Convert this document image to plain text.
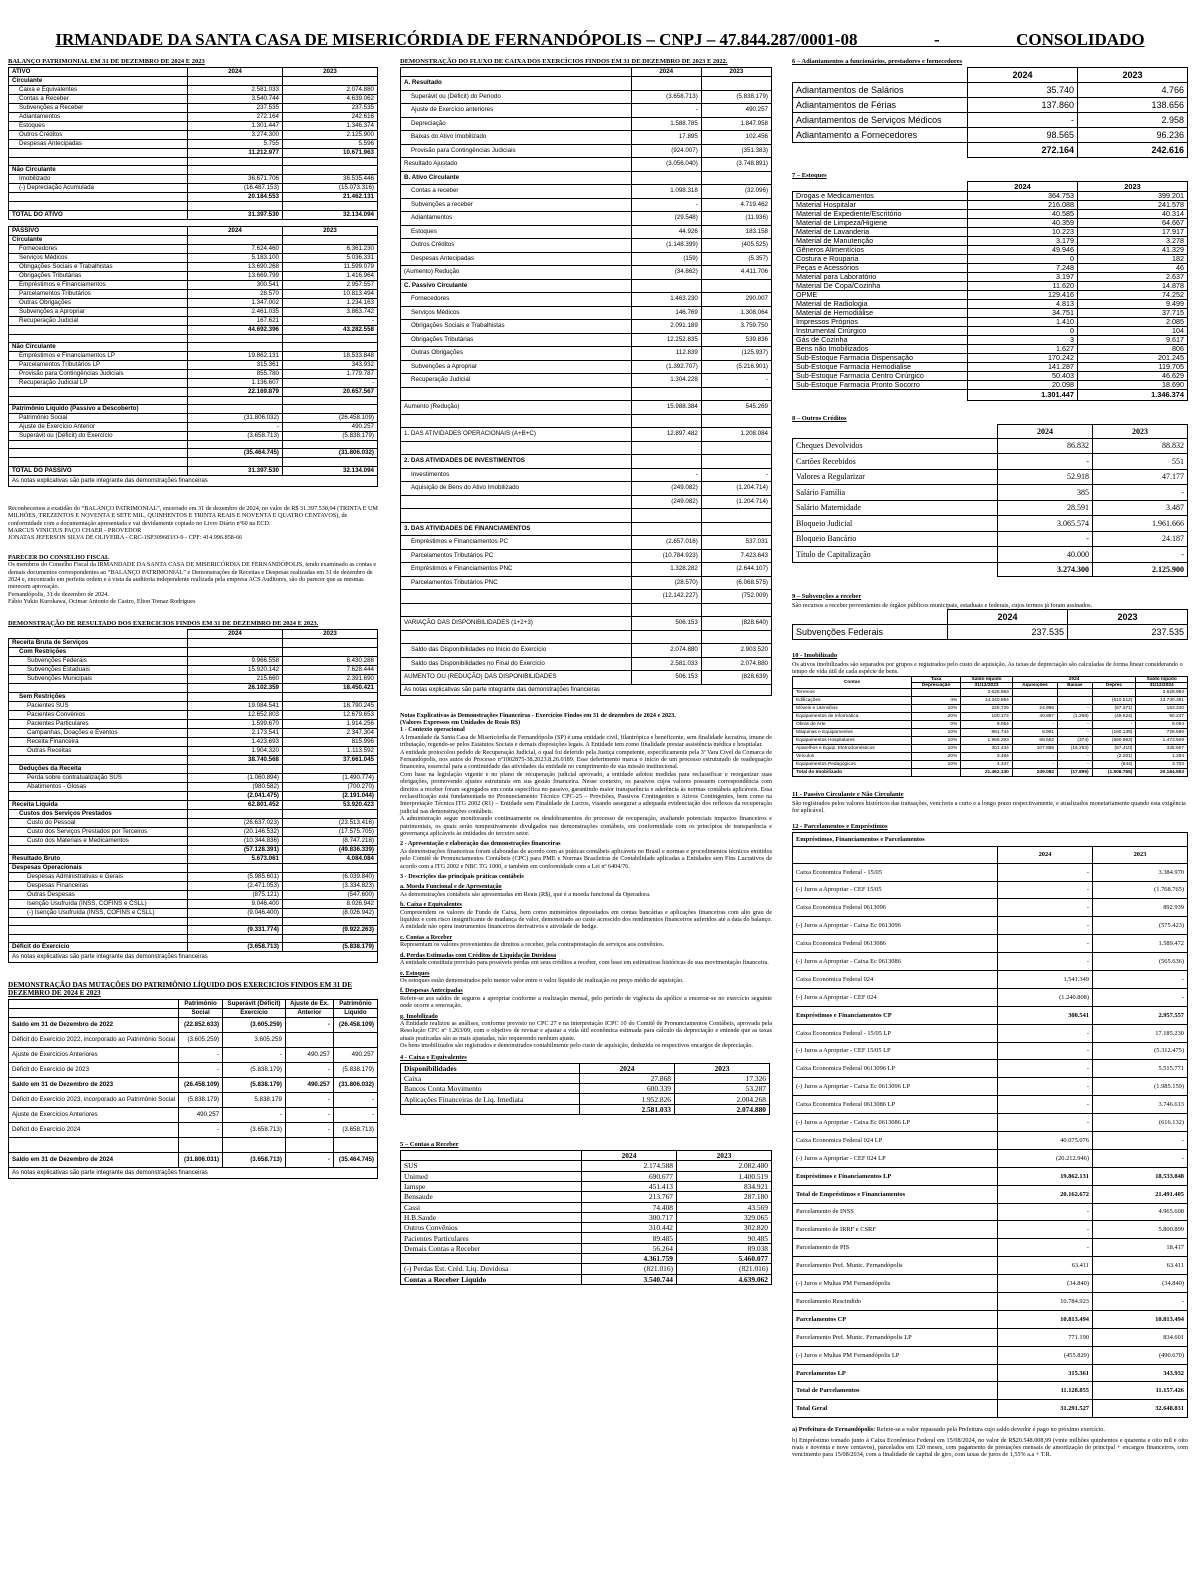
IRMANDADE DA SANTA CASA DE MISERICÓRDIA DE FERNANDÓPOLIS – CNPJ – 47.844.287/0001-08	-	CONSOLIDADO
BALANÇO PATRIMONIAL EM 31 DE DEZEMBRO DE 2024 E 2023
ATIVO	2024	2023
Circulante		
Caixa e Equivalentes	2.581.033	2.074.880
Contas a Receber	3.540.744	4.639.062
Subvenções a Receber	237.535	237.535
Adiantamentos	272.164	242.616
Estoques	1.301.447	1.346.374
Outros Créditos	3.274.300	2.125.900
Despesas Antecipadas	5.755	5.596
	11.212.977	10.671.963

Não Circulante		
Imobilizado	36.671.706	36.535.446
(-) Depreciação Acumulada	(16.487.153)	(15.073.316)
	20.184.553	21.462.131

TOTAL DO ATIVO	31.397.530	32.134.094
PASSIVO	2024	2023
Circulante		
Fornecedores	7.624.460	6.361.230
Serviços Médicos	5.183.100	5.036.331
Obrigações Sociais e Trabalhistas	13.690.268	11.599.079
Obrigações Tributárias	13.669.799	1.416.964
Empréstimos e Financiamentos	300.541	2.957.557
Parcelamentos Tributários	28.570	10.813.494
Outras Obrigações	1.347.002	1.234.163
Subvenções a Apropriar	2.461.035	3.863.742
Recuperação Judicial	167.621	-
	44.692.396	43.282.558

Não Circulante		
Empréstimos e Financiamentos LP	19.862.131	18.533.848
Parcelamentos Tributários LP	315.361	343.932
Provisão para Contingências Judiciais	855.780	1.779.787
Recuperação Judicial LP	1.136.607	-
	22.169.879	20.657.567

Patrimônio Líquido (Passivo a Descoberto)		
Patrimônio Social	(31.806.032)	(26.458.109)
Ajuste de Exercício Anterior	-	490.257
Superávit ou (Déficit) do Exercício	(3.658.713)	(5.838.179)

	(35.464.745)	(31.806.032)

TOTAL DO PASSIVO	31.397.530	32.134.094
As notas explicativas são parte integrante das demonstrações financeiras

Reconhecemos a exatidão do “BALANÇO PATRIMONIAL”, encerrado em 31 de dezembro de 2024, no valor de R$ 31.397.530,94 (TRINTA E UM MILHÕES, TREZENTOS E NOVENTA E SETE MIL, QUINHENTOS E TRINTA REAIS E NOVENTA E QUATRO CENTAVOS), de conformidade com a documentação apresentada e vai devidamente copiado no Livro Diário nº60 na ECD.

MARCUS VINICIUS PAÇO CHAER - PROVEDOR
JONATAS JEFERSON SILVA DE OLIVEIRA - CRC-1SP309683/O-9 - CPF: 414.996.858-66
PARECER DO CONSELHO FISCAL
Os membros do Conselho Fiscal da IRMANDADE DA SANTA CASA DE MISERICÓRDIA DE FERNANDÓPOLIS, tendo examinado as contas e demais documentos correspondentes ao “BALANÇO PATRIMONIAL” e Demonstrações de Receitas e Despesas realizadas em 31 de dezembro de 2024 e, encontrado em perfeita ordem e à vista da auditoria independente realizada pela empresa ACS Auditores, são do parecer que as mesmas merecem aprovação.
Fernandópolis, 31 de dezembro de 2024.
Fábio Yukio Kurokawa, Ocimar Antonio de Castro, Elton Tomaz Rodrigues
DEMONSTRAÇÃO DE RESULTADO DOS EXERCICIOS FINDOS EM 31 DE DEZEMBRO DE 2024 E 2023.
	2024	2023
Receita Bruta de Serviços		
Com Restrições		
Subvenções Federais	9.966.558	8.430.288
Subvenções Estaduais	15.920.142	7.628.444
Subvenções Municipais	215.660	2.391.690
	26.102.359	18.450.421
Sem Restrições		
Pacientes SUS	19.084.541	18.790.245
Pacientes Convênios	12.652.803	12.679.653
Pacientes Particulares	1.599.670	1.914.256
Campanhas, Doações e Eventos	2.173.541	2.347.304
Receita Financeira	1.423.693	815.996
Outras Receitas	1.904.320	1.113.592
	38.740.568	37.661.045
Deduções da Receita		
Perda sobre contratualização SUS	(1.060.894)	(1.490.774)
Abatimentos - Glosas	(980.582)	(700.270)
	(2.041.475)	(2.191.044)
Receita Líquida	62.801.452	53.920.423
Custos dos Serviços Prestados		
Custo do Pessoal	(26.637.023)	(23.513.416)
Custo dos Serviços Prestados por Terceiros	(20.146.532)	(17.575.705)
Custo dos Materiais e Medicamentos	(10.344.836)	(8.747.218)
	(57.128.391)	(49.836.339)
Resultado Bruto	5.673.061	4.084.084
Despesas Operacionais		
Despesas Administrativas e Gerais	(5.985.601)	(6.039.840)
Despesas Financeiras	(2.471.053)	(3.334.823)
Outras Despesas	(875.121)	(547.600)
Isenção Usufruída (INSS, COFINS e CSLL)	9.046.400	8.026.942
(-) Isenção Usufruída (INSS, COFINS e CSLL)	(9.046.400)	(8.026.942)

	(9.331.774)	(9.922.263)

Déficit do Exercício	(3.658.713)	(5.838.179)
As notas explicativas são parte integrante das demonstrações financeiras
DEMONSTRAÇÃO DAS MUTAÇÕES DO PATRIMÔNIO LÍQUIDO DOS EXERCICIOS FINDOS EM 31 DE DEZEMBRO DE 2024 E 2023
	Patrimônio	Superávit (Déficit)	Ajuste de Ex.	Patrimônio
	Social	Exercício	Anterior	Líquido
Saldo em 31 de Dezembro de 2022	(22.852.633)	(3.605.259)	-	(26.458.109)
Déficit do Exercício 2022, incorporado ao Patrimônio Social	(3.605.259)	3.605.259		
Ajuste de Exercícios Anteriores	-	-	490.257	490.257
Déficit do Exercício de 2023	-	(5.838.179)	-	(5.838.179)
Saldo em 31 de Dezembro de 2023	(26.458.109)	(5.838.179)	490.257	(31.806.032)
Déficit do Exercício 2023, incorporado ao Patrimônio Social	(5.838.179)	5.838.179	-	-
Ajuste de Exercícios Anteriores	490.257	-	-	-
Déficit do Exercício 2024	-	(3.658.713)	-	(3.658.713)

Saldo em 31 de Dezembro de 2024	(31.806.031)	(3.658.713)	-	(35.464.745)
As notas explicativas são parte integrante das demonstrações financeiras
DEMONSTRAÇÃO DO FLUXO DE CAIXA DOS EXERCÍCIOS FINDOS EM 31 DE DEZEMBRO DE 2023 E 2022.
	2024	2023
A. Resultado		
Superávit ou (Déficit) do Período	(3.658.713)	(5.838.179)
Ajuste de Exercício anteriores	-	490.257
Depreciação	1.588.785	1.847.958
Baixas do Ativo Imobilizado	17.895	102.456
Provisão para Contingências Judiciais	(924.007)	(351.383)
Resultado Ajustado	(3.056.040)	(3.748.891)
B. Ativo Circulante		
Contas a receber	1.098.318	(32.096)
Subvenções a receber	-	4.719.462
Adiantamentos	(29.548)	(11.936)
Estoques	44.926	183.158
Outros Créditos	(1.148.399)	(405.525)
Despesas Antecipadas	(159)	(5.357)
(Aumento) Redução	(34.862)	4.411.706
C. Passivo Circulante		
Fornecedores	1.463.230	290.007
Serviços Médicos	146.769	1.308.064
Obrigações Sociais e Trabalhistas	2.091.189	3.759.750
Obrigações Tributárias	12.252.835	539.836
Outras Obrigações	112.839	(125.937)
Subvenções a Apropriar	(1.392.707)	(5.216.901)
Recuperação Judicial	1.304.228	-

Aumento (Redução)	15.988.384	545.269

1. DAS ATIVIDADES OPERACIONAIS (A+B+C)	12.897.482	1.208.084

2. DAS ATIVIDADES DE INVESTIMENTOS		
Investimentos	-	-
Aquisição de Bens do Ativo Imobilizado	(249.082)	(1.204.714)
	(249.082)	(1.204.714)

3. DAS ATIVIDADES DE FINANCIAMENTOS		
Empréstimos e Financiamentos PC	(2.657.016)	537.031
Parcelamentos Tributários PC	(10.784.923)	7.423.643
Empréstimos e Financiamentos PNC	1.328.282	(2.644.107)
Parcelamentos Tributários PNC	(28.570)	(6.068.575)
	(12.142.227)	(752.009)

VARIAÇÃO DAS DISPONIBILIDADES (1+2+3)	506.153	(828.640)

Saldo das Disponibilidades no Início do Exercício	2.074.880	2.903.520
Saldo das Disponibilidades no Final do Exercício	2.581.033	2.074.880
AUMENTO OU (REDUÇÃO) DAS DISPONIBILIDADES	506.153	(828.639)
As notas explicativas são parte integrante das demonstrações financeiras
Notas Explicativas às Demonstrações Financeiras - Exercícios Findos em 31 de dezembro de 2024 e 2023.
(Valores Expressos em Unidades de Reais R$)
1 - Contexto operacional
A Irmandade da Santa Casa de Misericórdia de Fernandópolis (SP) é uma entidade civil, filantrópica e beneficente, sem finalidade lucrativa, imune de tributação, regendo-se pelos Estatutos Sociais e demais disposições legais. A Entidade tem como finalidade prestar assistência médica e hospitalar.
A entidade protocolou pedido de Recuperação Judicial, o qual foi deferido pela Justiça competente, especificamente pela 3ª Vara Cível da Comarca de Fernandópolis, nos autos do Processo nº1002875-38.2023.8.26.0189. Esse deferimento marca o início de um processo estruturado de readequação financeira, essencial para a continuidade das atividades da entidade no cumprimento de sua missão institucional.
Com base na legislação vigente e no plano de recuperação judicial aprovado, a entidade adotou medidas para reclassificar e reorganizar suas obrigações, promovendo ajustes estruturais em sua gestão financeira. Nesse contexto, os passivos cujos valores possuem correspondência com direitos a receber foram segregados em conta específica no passivo, garantindo maior transparência e aderência às normas contábeis aplicáveis. Essa reclassificação está fundamentada no Pronunciamento Técnico CPC-25 – Provisões, Passivos Contingentes e Ativos Contingentes, bem como na Interpretação Técnica ITG 2002 (R1) – Entidade sem Finalidade de Lucros, visando assegurar a adequada evidenciação dos reflexos da recuperação judicial nas demonstrações contábeis.
A administração segue monitorando continuamente os desdobramentos do processo de recuperação, avaliando potenciais impactos financeiros e patrimoniais, os quais serão tempestivamente divulgados nas demonstrações contábeis, em conformidade com os princípios de transparência e governança aplicáveis às entidades do terceiro setor.

2 - Apresentação e elaboração das demonstrações financeiras

As demonstrações financeiras foram elaboradas de acordo com as práticas contábeis aplicáveis no Brasil e normas e procedimentos técnicos emitidos pelo Comitê de Pronunciamentos Contábeis (CPC) para PME e Normas Brasileiras de Contabilidade aplicadas a Entidades sem Fins Lucrativos de acordo com a ITG 2002 e NBC TG 1000, e também em conformidade com a Lei nº 6404/76.

3 - Descrições das principais práticas contábeis

a. Moeda Funcional e de Apresentação

As demonstrações contábeis são apresentadas em Reais (R$), que é a moeda funcional da Operadora.

b. Caixa e Equivalentes

Compreendem os valores de Fundo de Caixa, bem como numerários depositados em contas bancárias e aplicações financeiras com alto grau de liquidez e com risco insignificante de mudança de valor, demonstrado ao custo acrescido dos rendimentos financeiros auferidos até a data do balanço. A entidade não opera instrumentos financeiros derivativos e atividade de hedge.

c. Contas a Receber

Representam os valores provenientes de direitos a receber, pela contraprestação de serviços aos convênios.

d. Perdas Estimadas com Créditos de Liquidação Duvidosa

A entidade constituiu provisão para possíveis perdas em seus créditos a receber, com base em estimativas históricas de sua movimentação financeira.

e. Estoques

Os estoques estão demonstrados pelo menor valor entre o valor líquido de realização ou preço médio de aquisição.

f. Despesas Antecipadas

Refere-se aos saldos de seguros a apropriar conforme a realização mensal, pelo período de vigência da apólice a encerrar-se no exercício seguinte onde ocorre a renovação.

g. Imobilizado
A Entidade realizou as análises, conforme previsto no CPC 27 e na interpretação ICPC 10 do Comitê de Pronunciamentos Contábeis, aprovada pela Resolução CFC nº 1.263/09, com o objetivo de revisar e ajustar a vida útil econômica estimada para cálculo da depreciação e entende que as taxas atuais praticadas são as mais ajustadas, não requerendo nenhum ajuste.

Os bens imobilizados são registrados e demonstrados contabilmente pelo custo de aquisição, deduzida os respectivos encargos de depreciação.

4 - Caixa e Equivalentes
Disponibilidades	2024	2023
Caixa	27.868	17.326
Bancos Conta Movimento	600.339	53.287
Aplicações Financeiras de Liq. Imediata	1.952.826	2.004.268
	2.581.033	2.074.880
5 – Contas a Receber
	2024	2023
SUS	2.174.588	2.082.480
Unimed	690.677	1.400.519
Iamspe	451.413	834.921
Bensaude	213.767	287.180
Cassi	74.408	43.569
H.B.Saude	300.717	329.065
Outros Convênios	310.442	302.820
Pacientes Particulares	89.485	90.485
Demais Contas a Receber	56.264	89.038
	4.361.759	5.460.077
(-) Perdas Est. Créd. Liq. Duvidosa	(821.016)	(821.016)
Contas a Receber Líquido	3.540.744	4.639.062
6 – Adiantamentos a funcionários, prestadores e fornecedores
	2024	2023
Adiantamentos de Salários	35.740	4.766
Adiantamentos de Férias	137.860	138.656
Adiantamentos de Serviços Médicos	-	2.958
Adiantamento a Fornecedores	98.565	96.236
	272.164	242.616
7 – Estoques
	2024	2023
Drogas e Medicamentos	364.753	399.201
Material Hospitalar	216.088	241.578
Material de Expediente/Escritório	40.585	40.314
Material de Limpeza/Higiene	40.359	64.667
Material de Lavanderia	10.223	17.917
Material de Manutenção	3.179	3.278
Gêneros Alimentícios	49.946	41.329
Costura e Rouparia	0	182
Peças e Acessórios	7.248	46
Material para Laboratório	3.197	2.637
Material De Copa/Cozinha	11.620	14.878
OPME	129.416	74.252
Material de Radiologia	4.813	9.499
Material de Hemodiálise	34.751	37.715
Impressos Próprios	1.410	2.085
Instrumental Cirúrgico	0	104
Gás de Cozinha	3	9.617
Bens não Imobilizados	1.627	806
Sub-Estoque Farmacia Dispensação	170.242	201.245
Sub-Estoque Farmacia Hemodialise	141.287	119.705
Sub-Estoque Farmacia Centro Cirúrgico	50.403	46.629
Sub-Estoque Farmacia Pronto Socorro	20.098	18.690
	1.301.447	1.346.374
8 – Outros Créditos
	2024	2023
Cheques Devolvidos	86.832	88.832
Cartões Recebidos	-	551
Valores a Regularizar	52.918	47.177
Salário Família	385	-
Salário Maternidade	28.591	3.487
Bloqueio Judicial	3.065.574	1.961.666
Bloqueio Bancário	-	24.187
Título de Capitalização	40.000	-
	3.274.300	2.125.900
9 – Subvenções a receber
São recursos a receber provenientes de órgãos públicos municipais, estaduais e federais, cujos termos já foram assinados.
	2024	2023
Subvenções Federais	237.535	237.535
10 - Imobilizado
Os ativos imobilizados são separados por grupos e registrados pelo custo de aquisição. As taxas de depreciação são calculadas de forma linear considerando o tempo de vida útil de cada espécie de bens.
Contas	Taxa	Saldo líquido	2024			Saldo líquido
	Depreciação	31/12/2023	Aquisições	Baixas	Deprec	31/12/2024
Terrenos		3.628.983				3.628.983
Edificações	4%	14.340.894			(610.512)	13.730.381
Móveis e Utensílios	10%	225.725	24.986	-	(67.371)	183.340
Equipamentos de Informática	20%	100.172	40.867	(1.268)	(49.524)	90.247
Obras de Arte	0%	9.054	-	-	-	9.054
Máquinas e Equipamentos	10%	881.744	6.991	-	(160.139)	728.596
Equipamentos Hospitalares	10%	1.966.293	68.552	(374)	(560.963)	1.473.509
Aparelhos e Equip. Eletrodomésticos	10%	301.434	107.886	(16.253)	(57.410)	335.657
Veículos	20%	3.484	-	-	(2.201)	1.284
Equipamentos Pedagógicos	10%	4.347	-	-	(644)	3.703
Total do Imobilizado		21.462.130	249.082	(17.895)	(1.508.765)	20.184.553
11 - Passivo Circulante e Não Circulante
São registrados pelos valores históricos das transações, vencíveis a curto e a longo prazo respectivamente, e atualizados monetariamente quando esta exigência for aplicável.
12 - Parcelamentos e Empréstimos
Empréstimos, Financiamentos e Parcelamentos		
	2024	2023
Caixa Economica Federal - 15/05	-	3.384.970
(-) Juros a Apropriar - CEF 15/05	-	(1.768.765)
Caixa Economica Federal 0613096	-	892.939
(-) Juros a Apropriar - Caixa Ec 0613096	-	(575.423)
Caixa Economica Federal 0613086	-	1.589.472
(-) Juros a Apropriar - Caixa Ec 0613086	-	(565.636)
Caixa Economica Federal 024	1.541.349	-
(-) Juros a Apropriar - CEF 024	(1.240.808)	-
Empréstimos e Financiamentos CP	300.541	2.957.557
Caixa Economica Federal - 15/05 LP	-	17.185.230
(-) Juros a Apropriar - CEF 15/05 LP	-	(5.312.475)
Caixa Economica Federal 0613096 LP	-	5.515.771
(-) Juros a Apropriar - Caixa Ec 0613096 LP	-	(1.985.159)
Caixa Economica Federal 0613086 LP	-	3.746.613
(-) Juros a Apropriar - Caixa Ec 0613086 LP	-	(616.132)
Caixa Economica Federal 024 LP	40.075.076	-
(-) Juros a Apropriar - CEF 024 LP	(20.212.946)	-
Empréstimos e Financiamentos LP	19.862.131	18.533.848
Total de Empréstimos e Financiamentos	20.162.672	21.491.405
Parcelamento de INSS	-	4.965.608
Parcelamento de IRRF e CSRF	-	5.800.899
Parcelamento de PIS	-	18.417
Parcelamento Pref. Munic. Fernandópolis	63.411	63.411
(-) Juros e Multas PM Fernandópolis	(34.840)	(34.840)
Parcelamento Rescindido	10.784.923	-
Parcelamentos CP	10.813.494	10.813.494
Parcelamento Pref. Munic. Fernandópolis LP	771.190	834.601
(-) Juros e Multas PM Fernandópolis LP	(455.829)	(490.670)
Parcelamentos LP	315.361	343.932
Total de Parcelamentos	11.128.855	11.157.426
Total Geral	31.291.527	32.648.831

a) Prefeitura de Fernandópolis: Refere-se a valor repassado pela Prefeitura cujo saldo devedor é pago no próximo exercício.

b) Empréstimo tomado junto à Caixa Econômica Federal em 15/08/2024, no valor de R$20.548.008,99 (vinte milhões quinhentos e quarenta e oito mil e oito reais e noventa e nove centavos), parcelados em 120 meses, com pagamento de prestações mensais de amortização do principal + encargos financeiros, com vencimento para 15/08/2034, com a finalidade de capital de giro, com taxas de juros de 1,55% a.a + T.R.
